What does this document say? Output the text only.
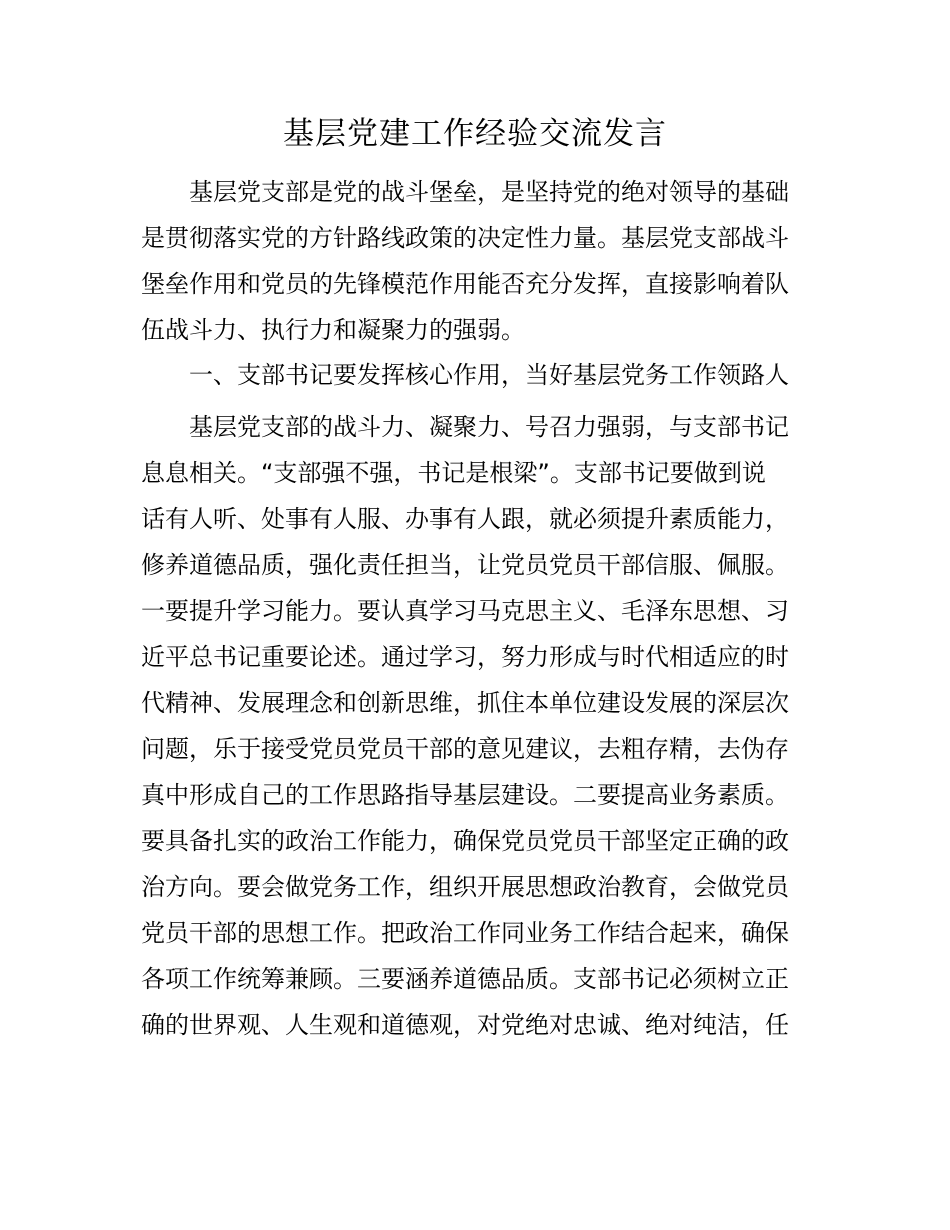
基层党建工作经验交流发言
基层党支部是党的战斗堡垒，是坚持党的绝对领导的基础
是贯彻落实党的方针路线政策的决定性力量。基层党支部战斗
堡垒作用和党员的先锋模范作用能否充分发挥，直接影响着队
伍战斗力、执行力和凝聚力的强弱。
一、支部书记要发挥核心作用，当好基层党务工作领路人
基层党支部的战斗力、凝聚力、号召力强弱，与支部书记
息息相关。“支部强不强，书记是根梁”。支部书记要做到说
话有人听、处事有人服、办事有人跟，就必须提升素质能力，
修养道德品质，强化责任担当，让党员党员干部信服、佩服。
一要提升学习能力。要认真学习马克思主义、毛泽东思想、习
近平总书记重要论述。通过学习，努力形成与时代相适应的时
代精神、发展理念和创新思维，抓住本单位建设发展的深层次
问题，乐于接受党员党员干部的意见建议，去粗存精，去伪存
真中形成自己的工作思路指导基层建设。二要提高业务素质。
要具备扎实的政治工作能力，确保党员党员干部坚定正确的政
治方向。要会做党务工作，组织开展思想政治教育，会做党员
党员干部的思想工作。把政治工作同业务工作结合起来，确保
各项工作统筹兼顾。三要涵养道德品质。支部书记必须树立正
确的世界观、人生观和道德观，对党绝对忠诚、绝对纯洁，任
